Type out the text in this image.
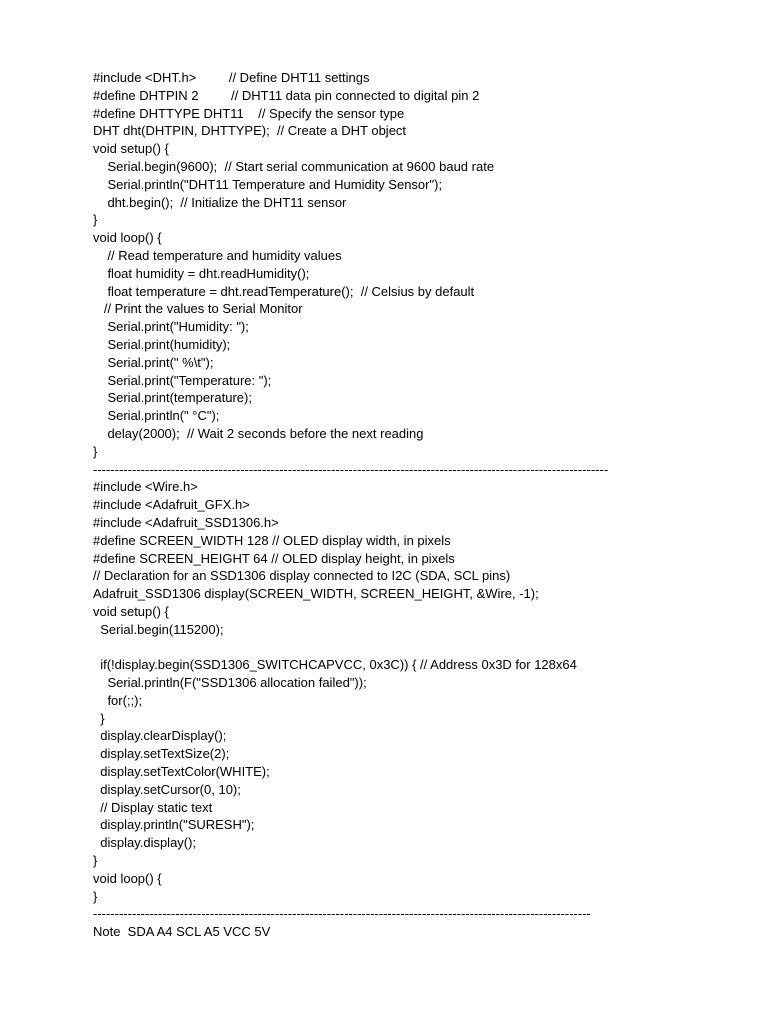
#include <DHT.h>         // Define DHT11 settings
#define DHTPIN 2         // DHT11 data pin connected to digital pin 2
#define DHTTYPE DHT11    // Specify the sensor type
DHT dht(DHTPIN, DHTTYPE);  // Create a DHT object
void setup() {
Serial.begin(9600);  // Start serial communication at 9600 baud rate
Serial.println("DHT11 Temperature and Humidity Sensor");
dht.begin();  // Initialize the DHT11 sensor
}
void loop() {
// Read temperature and humidity values
float humidity = dht.readHumidity();
float temperature = dht.readTemperature();  // Celsius by default
// Print the values to Serial Monitor
Serial.print("Humidity: ");
Serial.print(humidity);
Serial.print(" %\t");
Serial.print("Temperature: ");
Serial.print(temperature);
Serial.println(" °C");
delay(2000);  // Wait 2 seconds before the next reading
}
-----------------------------------------------------------------------------------------------------------------------
#include <Wire.h>
#include <Adafruit_GFX.h>
#include <Adafruit_SSD1306.h>
#define SCREEN_WIDTH 128 // OLED display width, in pixels
#define SCREEN_HEIGHT 64 // OLED display height, in pixels
// Declaration for an SSD1306 display connected to I2C (SDA, SCL pins)
Adafruit_SSD1306 display(SCREEN_WIDTH, SCREEN_HEIGHT, &Wire, -1);
void setup() {
Serial.begin(115200);
if(!display.begin(SSD1306_SWITCHCAPVCC, 0x3C)) { // Address 0x3D for 128x64
Serial.println(F("SSD1306 allocation failed"));
for(;;);
}
display.clearDisplay();
display.setTextSize(2);
display.setTextColor(WHITE);
display.setCursor(0, 10);
// Display static text
display.println("SURESH");
display.display();
}
void loop() {
}
-------------------------------------------------------------------------------------------------------------------
Note  SDA A4 SCL A5 VCC 5V
